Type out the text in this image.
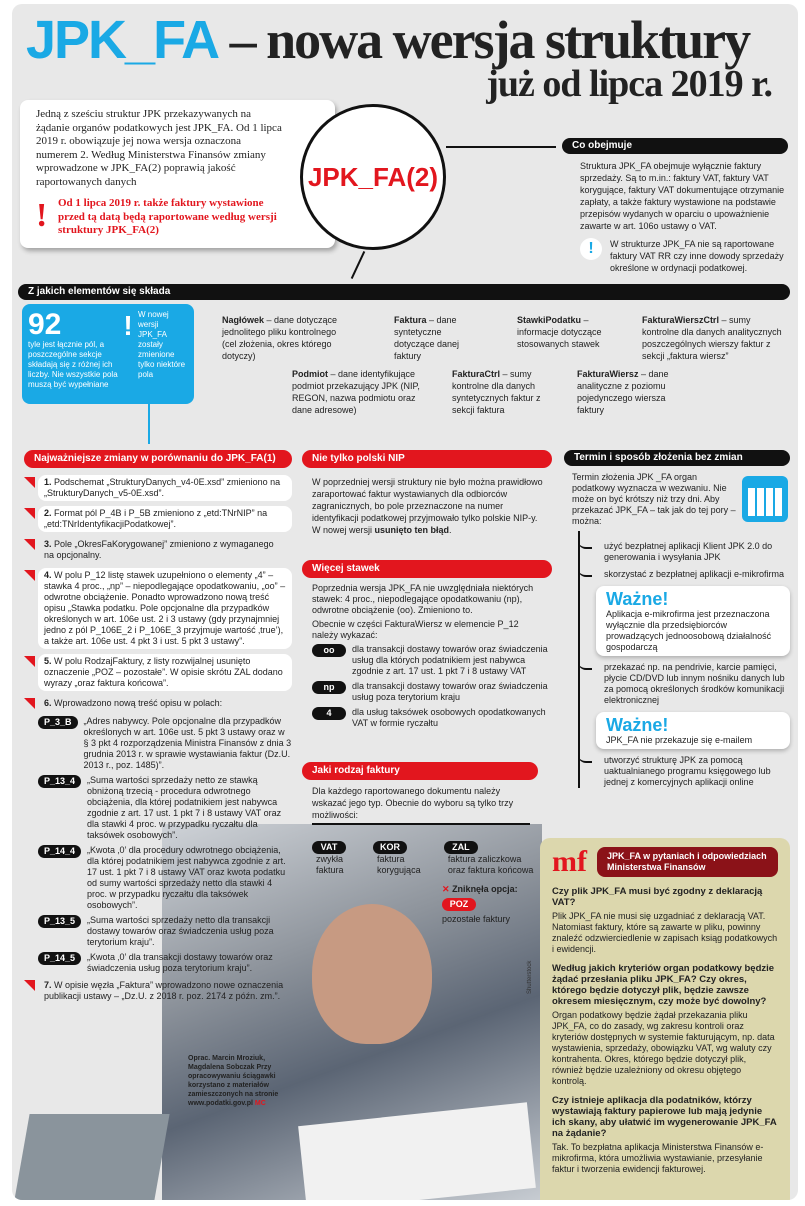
JPK_FA – nowa wersja struktury
już od lipca 2019 r.

Jedną z sześciu struktur JPK przekazywanych na żądanie organów podatkowych jest JPK_FA. Od 1 lipca 2019 r. obowiązuje jej nowa wersja oznaczona numerem 2. Według Ministerstwa Finansów zmiany wprowadzone w JPK_FA(2) poprawią jakość raportowanych danych

! Od 1 lipca 2019 r. także faktury wystawione przed tą datą będą raportowane według wersji struktury JPK_FA(2)
JPK_FA(2)
Co obejmuje

Struktura JPK_FA obejmuje wyłącznie faktury sprzedaży. Są to m.in.: faktury VAT, faktury VAT korygujące, faktury VAT dokumentujące otrzymanie zapłaty, a także faktury wystawione na podstawie przepisów wydanych w oparciu o upoważnienie zawarte w art. 106o ustawy o VAT.

!	W strukturze JPK_FA nie są raportowane faktury VAT RR czy inne dowody sprzedaży określone w ordynacji podatkowej.

Z jakich elementów się składa
92
tyle jest łącznie pól, a poszczególne sekcje składają się z różnej ich liczby. Nie wszystkie pola muszą być wypełniane
! W nowej wersji JPK_FA zostały zmienione tylko niektóre pola
Nagłówek – dane dotyczące jednolitego pliku kontrolnego (cel złożenia, okres którego dotyczy)
Podmiot – dane identyfikujące podmiot przekazujący JPK (NIP, REGON, nazwa podmiotu oraz dane adresowe)
Faktura – dane syntetyczne dotyczące danej faktury
FakturaCtrl – sumy kontrolne dla danych syntetycznych faktur z sekcji faktura
StawkiPodatku – informacje dotyczące stosowanych stawek
FakturaWiersz – dane analityczne z poziomu pojedynczego wiersza faktury
FakturaWierszCtrl – sumy kontrolne dla danych analitycznych poszczególnych wierszy faktur z sekcji „faktura wiersz”
Najważniejsze zmiany w porównaniu do JPK_FA(1)
1. Podschemat „StrukturyDanych_v4-0E.xsd” zmieniono na „StrukturyDanych_v5-0E.xsd”.
2. Format pól P_4B i P_5B zmieniono z „etd:TNrNIP” na „etd:TNrIdentyfikacjiPodatkowej”.
3. Pole „OkresFaKorygowanej” zmieniono z wymaganego na opcjonalny.
4. W polu P_12 listę stawek uzupełniono o elementy „4” – stawka 4 proc., „np” – niepodlegające opodatkowaniu, „oo” – odwrotne obciążenie. Ponadto wprowadzono nową treść opisu „Stawka podatku. Pole opcjonalne dla przypadków określonych w art. 106e ust. 2 i 3 ustawy (gdy przynajmniej jedno z pól P_106E_2 i P_106E_3 przyjmuje wartość ‚true’), a także art. 106e ust. 4 pkt 3 i ust. 5 pkt 3 ustawy”.
5. W polu RodzajFaktury, z listy rozwijalnej usunięto oznaczenie „POZ – pozostałe”. W opisie skrótu ZAL dodano wyrazy „oraz faktura końcowa”.
6. Wprowadzono nową treść opisu w polach:
P_3_B	„Adres nabywcy. Pole opcjonalne dla przypadków określonych w art. 106e ust. 5 pkt 3 ustawy oraz w § 3 pkt 4 rozporządzenia Ministra Finansów z dnia 3 grudnia 2013 r. w sprawie wystawiania faktur (Dz.U. 2013 r., poz. 1485)”.
P_13_4	„Suma wartości sprzedaży netto ze stawką obniżoną trzecią - procedura odwrotnego obciążenia, dla której podatnikiem jest nabywca zgodnie z art. 17 ust. 1 pkt 7 i 8 ustawy VAT oraz dla stawki 4 proc. w przypadku ryczałtu dla taksówek osobowych”.
P_14_4	„Kwota ‚0’ dla procedury odwrotnego obciążenia, dla której podatnikiem jest nabywca zgodnie z art. 17 ust. 1 pkt 7 i 8 ustawy VAT oraz kwota podatku od sumy wartości sprzedaży netto dla stawki 4 proc. w przypadku ryczałtu dla taksówek osobowych”.
P_13_5	„Suma wartości sprzedaży netto dla transakcji dostawy towarów oraz świadczenia usług poza terytorium kraju”.
P_14_5	„Kwota ‚0’ dla transakcji dostawy towarów oraz świadczenia usług poza terytorium kraju”.
7. W opisie węzła „Faktura” wprowadzono nowe oznaczenia publikacji ustawy – „Dz.U. z 2018 r. poz. 2174 z późn. zm.”.
Nie tylko polski NIP

W poprzedniej wersji struktury nie było można prawidłowo zaraportować faktur wystawianych dla odbiorców zagranicznych, bo pole przeznaczone na numer identyfikacji podatkowej przyjmowało tylko polskie NIP-y. W nowej wersji usunięto ten błąd.

Więcej stawek

Poprzednia wersja JPK_FA nie uwzględniała niektórych stawek: 4 proc., niepodlegające opodatkowaniu (np), odwrotne obciążenie (oo). Zmieniono to.

Obecnie w części FakturaWiersz w elemencie P_12 należy wykazać:

oo	dla transakcji dostawy towarów oraz świadczenia usług dla których podatnikiem jest nabywca zgodnie z art. 17 ust. 1 pkt 7 i 8 ustawy VAT
np	dla transakcji dostawy towarów oraz świadczenia usług poza terytorium kraju
4	dla usług taksówek osobowych opodatkowanych VAT w formie ryczałtu
Jaki rodzaj faktury

Dla każdego raportowanego dokumentu należy wskazać jego typ. Obecnie do wyboru są tylko trzy możliwości:

VAT
zwykła faktura
KOR
faktura korygująca
ZAL
faktura zaliczkowa oraz faktura końcowa
✕ Zniknęła opcja:
POZ
pozostałe faktury
Termin i sposób złożenia bez zmian

Termin złożenia JPK _FA organ podatkowy wyznacza w wezwaniu. Nie może on być krótszy niż trzy dni. Aby przekazać JPK_FA – tak jak do tej pory – można:

użyć bezpłatnej aplikacji Klient JPK 2.0 do generowania i wysyłania JPK
skorzystać z bezpłatnej aplikacji e-mikrofirma
Ważne!
Aplikacja e-mikrofirma jest przeznaczona wyłącznie dla przedsiębiorców prowadzących jednoosobową działalność gospodarczą
przekazać np. na pendrivie, karcie pamięci, płycie CD/DVD lub innym nośniku danych lub za pomocą określonych środków komunikacji elektronicznej
Ważne!
JPK_FA nie przekazuje się e-mailem
utworzyć strukturę JPK za pomocą uaktualnianego programu księgowego lub jednej z komercyjnych aplikacji online
mf	JPK_FA w pytaniach i odpowiedziach Ministerstwa Finansów
Czy plik JPK_FA musi być zgodny z deklaracją VAT?

Plik JPK_FA nie musi się uzgadniać z deklaracją VAT. Natomiast faktury, które są zawarte w pliku, powinny znaleźć odzwierciedlenie w zapisach ksiąg podatkowych i ewidencji.

Według jakich kryteriów organ podatkowy będzie żądać przesłania pliku JPK_FA? Czy okres, którego będzie dotyczył plik, będzie zawsze okresem miesięcznym, czy może być dowolny?

Organ podatkowy będzie żądał przekazania pliku JPK_FA, co do zasady, wg zakresu kontroli oraz kryteriów dostępnych w systemie fakturującym, np. data wystawienia, sprzedaży, obowiązku VAT, wg waluty czy kontrahenta. Okres, którego będzie dotyczył plik, również będzie uzależniony od okresu objętego kontrolą.

Czy istnieje aplikacja dla podatników, którzy wystawiają faktury papierowe lub mają jedynie ich skany, aby ułatwić im wygenerowanie JPK_FA na żądanie?

Tak. To bezpłatna aplikacja Ministerstwa Finansów e-mikrofirma, która umożliwia wystawianie, przesyłanie faktur i tworzenia ewidencji fakturowej.

Oprac. Marcin Mroziuk, Magdalena Sobczak Przy opracowywaniu ściągawki korzystano z materiałów zamieszczonych na stronie www.podatki.gov.pl MC
Shutterstock
